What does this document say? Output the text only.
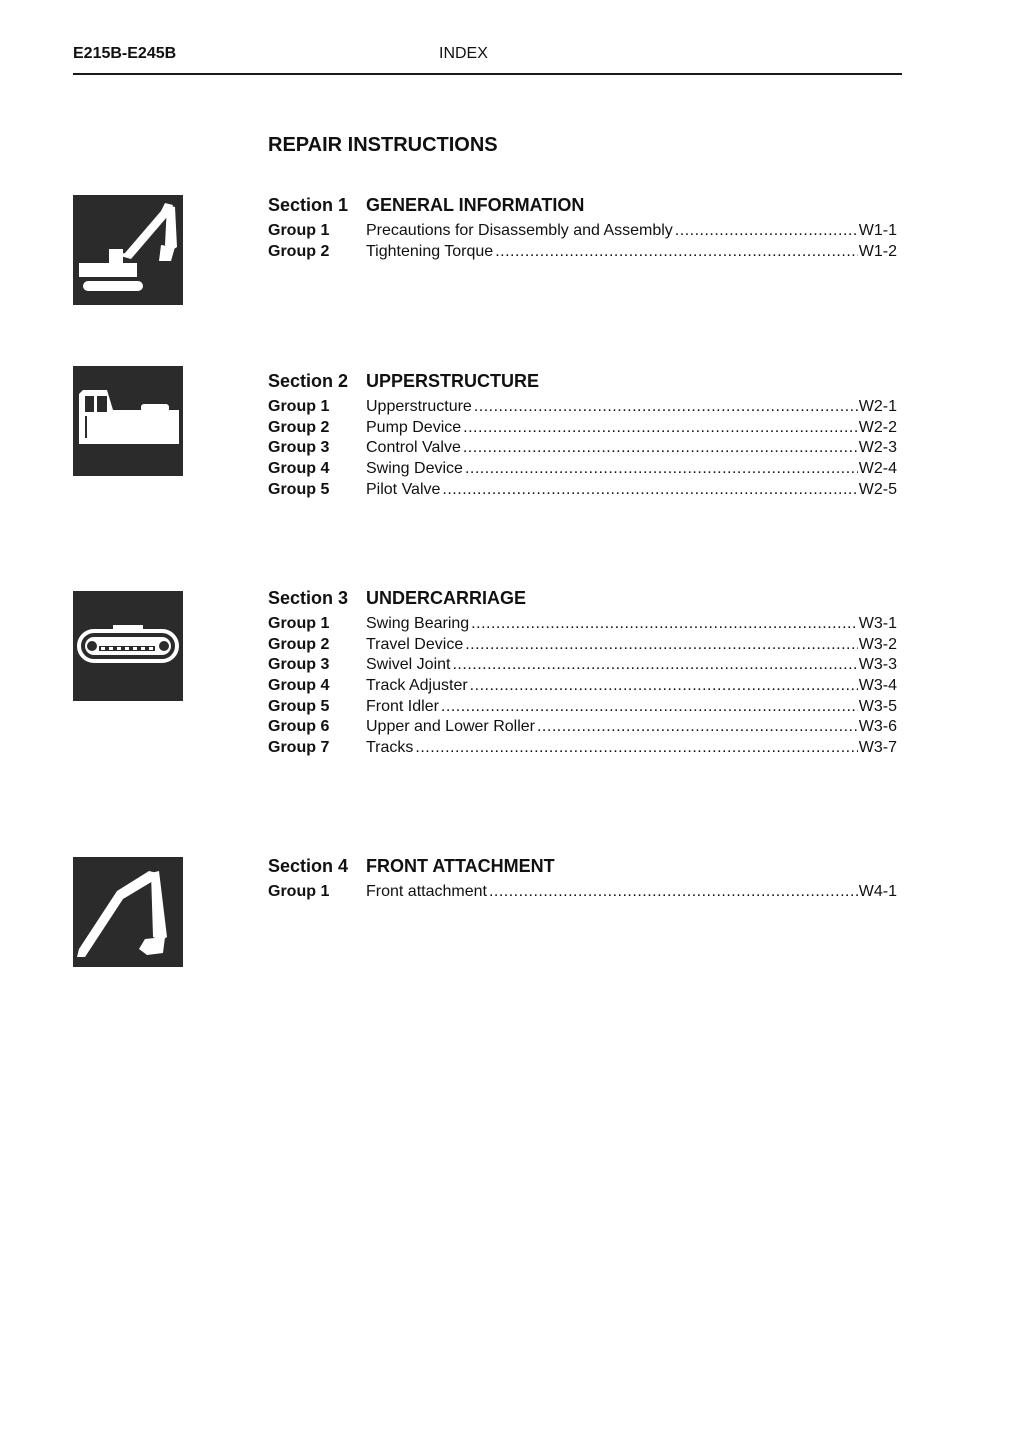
E215B-E245B	INDEX
REPAIR INSTRUCTIONS
Section 1 GENERAL INFORMATION
Group 1 Precautions for Disassembly and Assembly .....	W1-1
Group 2 Tightening Torque .....	W1-2
Section 2 UPPERSTRUCTURE
Group 1 Upperstructure .....	W2-1
Group 2 Pump Device .....	W2-2
Group 3 Control Valve .....	W2-3
Group 4 Swing Device .....	W2-4
Group 5 Pilot Valve .....	W2-5
Section 3 UNDERCARRIAGE
Group 1 Swing Bearing .....	W3-1
Group 2 Travel Device .....	W3-2
Group 3 Swivel Joint .....	W3-3
Group 4 Track Adjuster .....	W3-4
Group 5 Front Idler .....	W3-5
Group 6 Upper and Lower Roller .....	W3-6
Group 7 Tracks .....	W3-7
Section 4 FRONT ATTACHMENT
Group 1 Front attachment .....	W4-1
